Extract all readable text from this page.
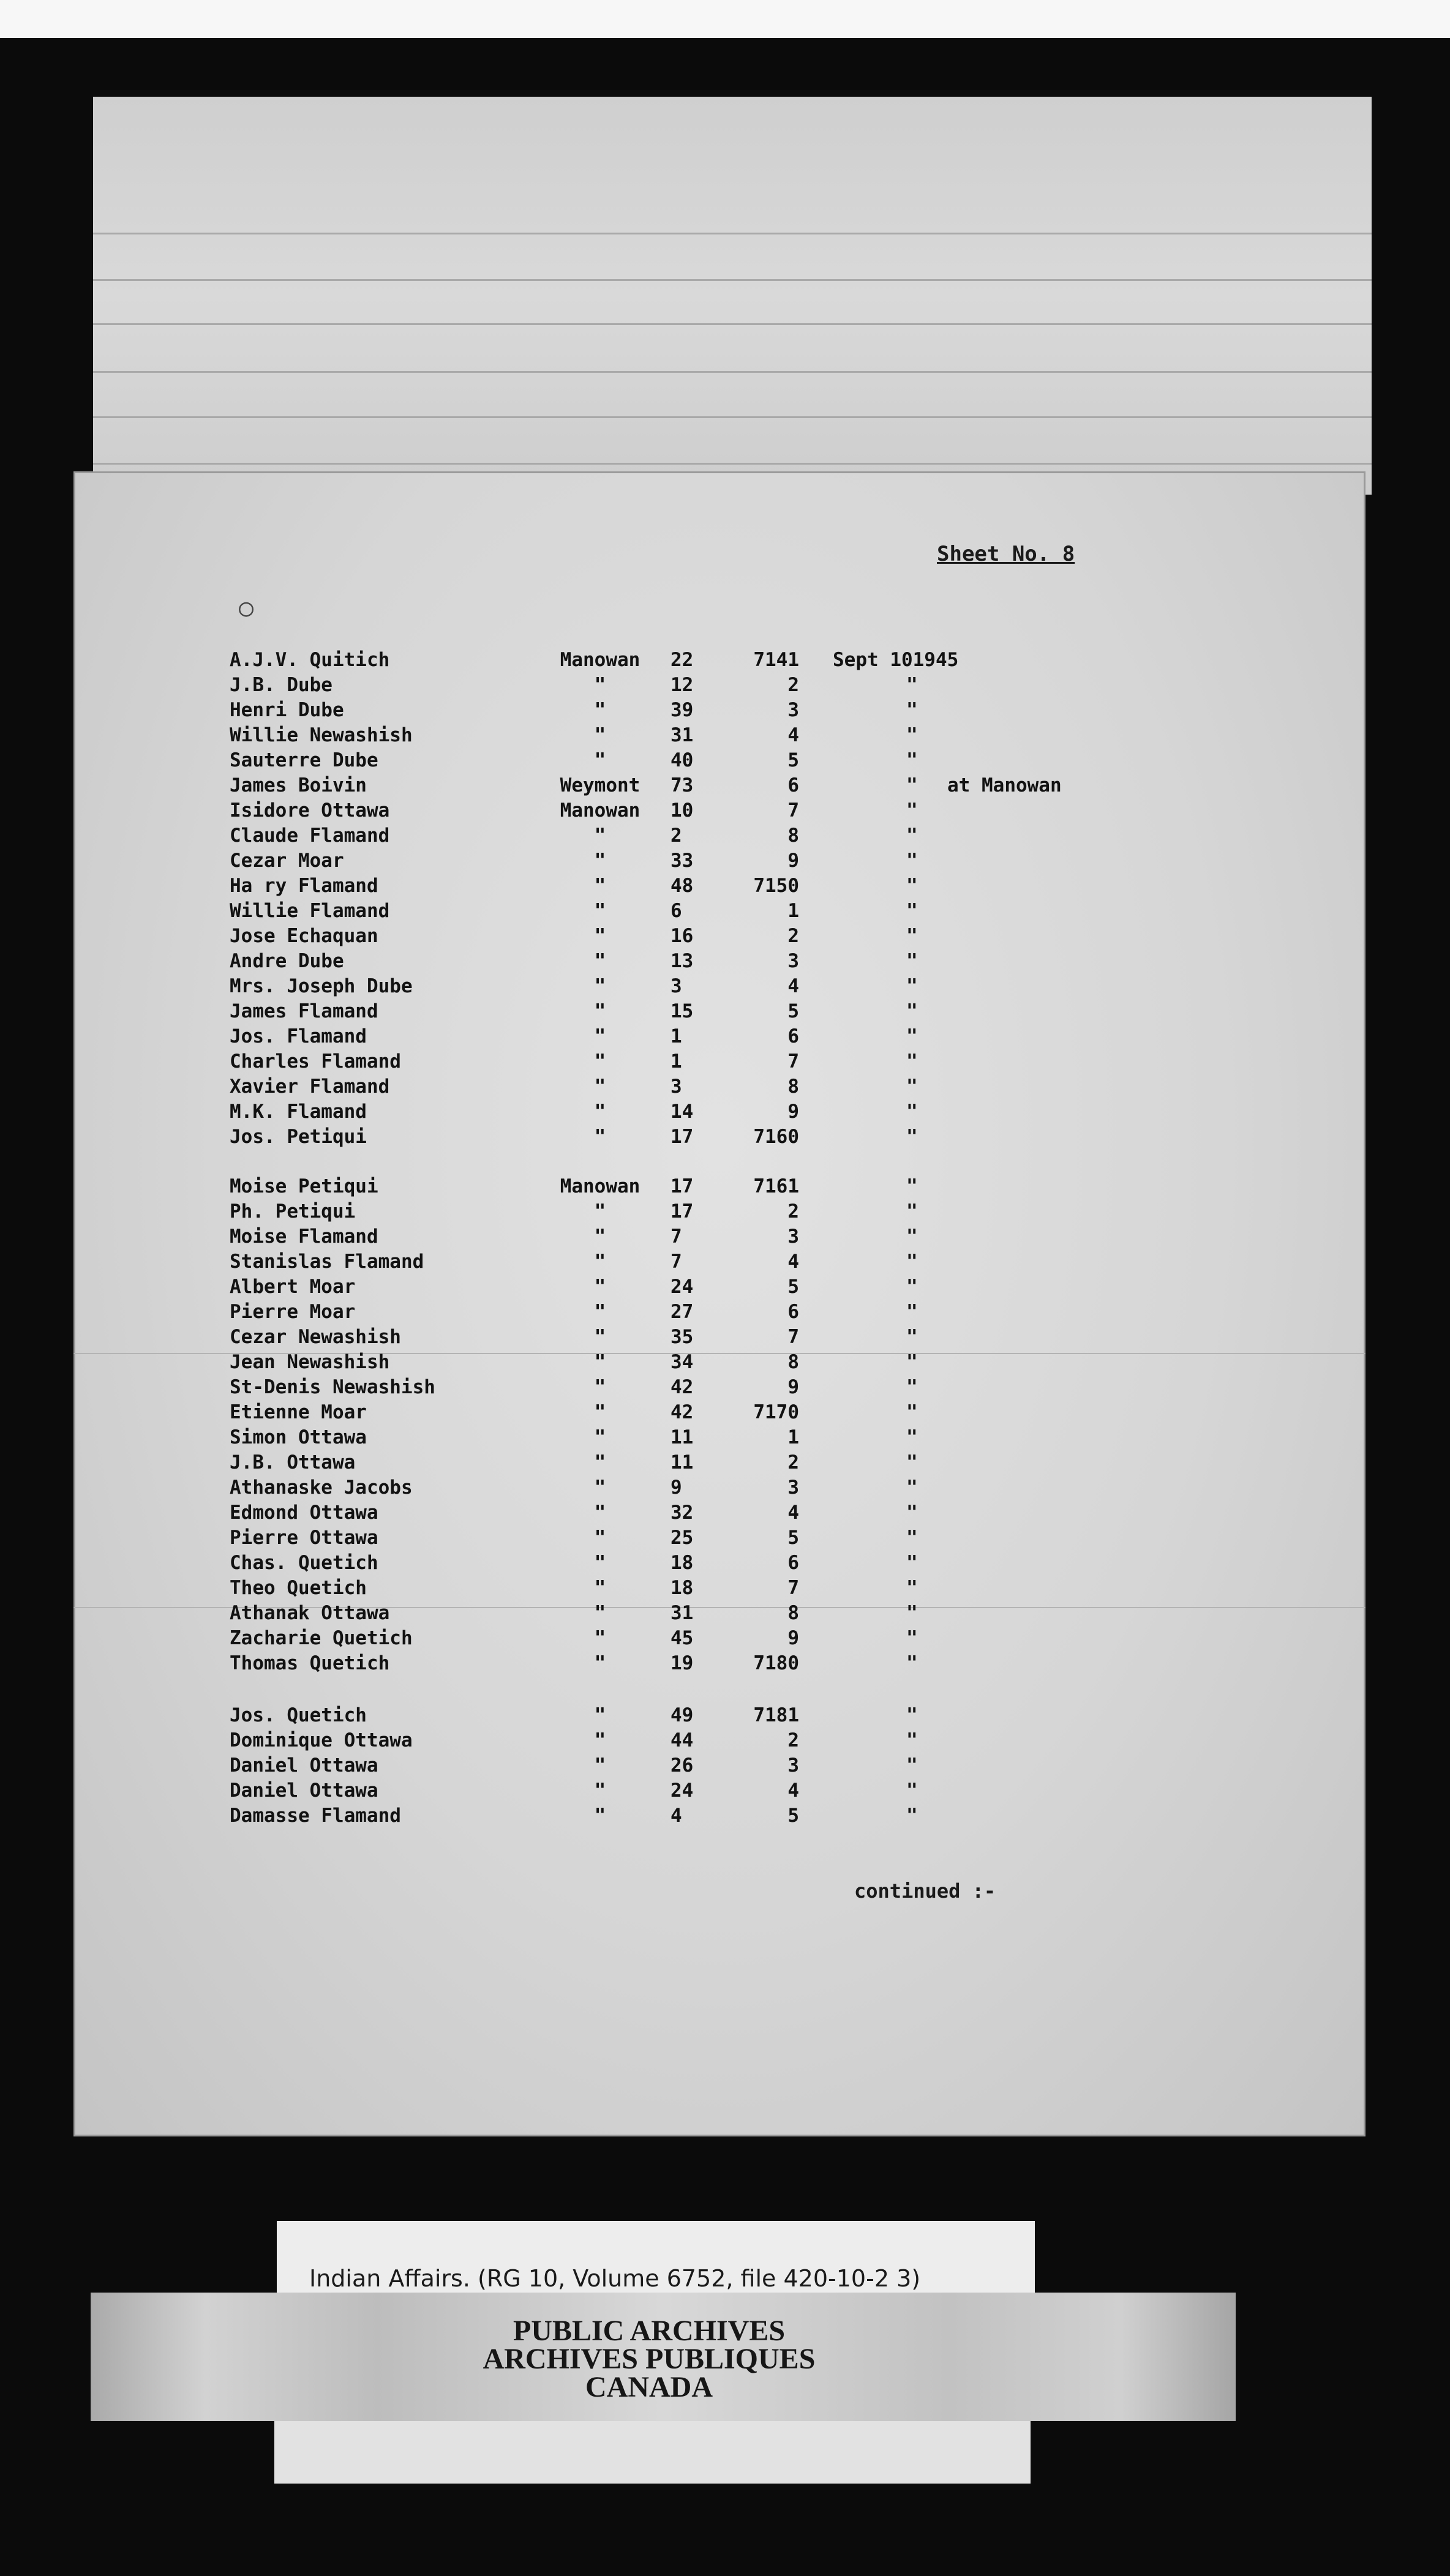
Sheet No. 8
○
A.J.V. Quitich	Manowan	22	7141 Sept 101945
J.B. Dube	"	12	2	"
Henri Dube	"	39	3	"
Willie Newashish	"	31	4	"
Sauterre Dube	"	40	5	"
James Boivin	Weymont	73	6	"	at Manowan
Isidore Ottawa	Manowan	10	7	"
Claude Flamand	"	2	8	"
Cezar Moar	"	33	9	"
Ha ry Flamand	"	48	7150	"
Willie Flamand	"	6	1	"
Jose Echaquan	"	16	2	"
Andre Dube	"	13	3	"
Mrs. Joseph Dube	"	3	4	"
James Flamand	"	15	5	"
Jos. Flamand	"	1	6	"
Charles Flamand	"	1	7	"
Xavier Flamand	"	3	8	"
M.K. Flamand	"	14	9	"
Jos. Petiqui	"	17	7160	"
Moise Petiqui	Manowan	17	7161	"
Ph. Petiqui	"	17	2	"
Moise Flamand	"	7	3	"
Stanislas Flamand	"	7	4	"
Albert Moar	"	24	5	"
Pierre Moar	"	27	6	"
Cezar Newashish	"	35	7	"
Jean Newashish	"	34	8	"
St-Denis Newashish	"	42	9	"
Etienne Moar	"	42	7170	"
Simon Ottawa	"	11	1	"
J.B. Ottawa	"	11	2	"
Athanaske Jacobs	"	9	3	"
Edmond Ottawa	"	32	4	"
Pierre Ottawa	"	25	5	"
Chas. Quetich	"	18	6	"
Theo Quetich	"	18	7	"
Athanak Ottawa	"	31	8	"
Zacharie Quetich	"	45	9	"
Thomas Quetich	"	19	7180	"
Jos. Quetich	"	49	7181	"
Dominique Ottawa	"	44	2	"
Daniel Ottawa	"	26	3	"
Daniel Ottawa	"	24	4	"
Damasse Flamand	"	4	5	"
continued :-
Indian Affairs. (RG 10, Volume 6752, file 420-10-2 3)
PUBLIC ARCHIVES
ARCHIVES PUBLIQUES
CANADA
